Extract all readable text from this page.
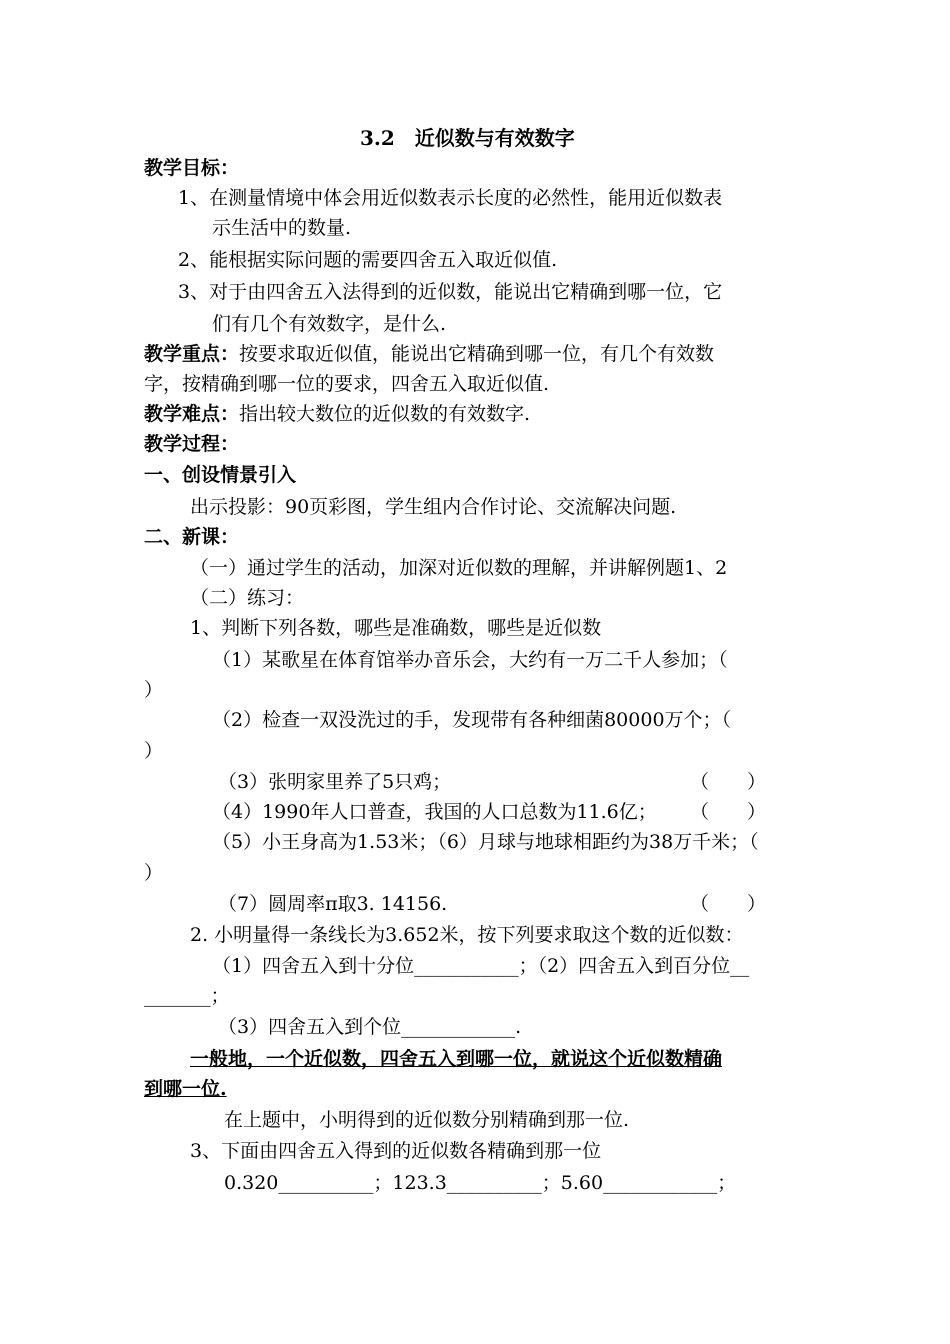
3.2　近似数与有效数字
教学目标：
1、在测量情境中体会用近似数表示长度的必然性，能用近似数表
示生活中的数量.
2、能根据实际问题的需要四舍五入取近似值.
3、对于由四舍五入法得到的近似数，能说出它精确到哪一位，它
们有几个有效数字，是什么.
教学重点：按要求取近似值，能说出它精确到哪一位，有几个有效数
字，按精确到哪一位的要求，四舍五入取近似值.
教学难点：指出较大数位的近似数的有效数字.
教学过程：
一、创设情景引入
出示投影：90页彩图，学生组内合作讨论、交流解决问题.
二、新课：
（一）通过学生的活动，加深对近似数的理解，并讲解例题1、2
（二）练习：
1、判断下列各数，哪些是准确数，哪些是近似数
（1）某歌星在体育馆举办音乐会，大约有一万二千人参加；（
）
（2）检查一双没洗过的手，发现带有各种细菌80000万个；（
）
（3）张明家里养了5只鸡；	（　　）
（4）1990年人口普查，我国的人口总数为11.6亿； （　　）
（5）小王身高为1.53米；（6）月球与地球相距约为38万千米；（
）
（7）圆周率π取3. 14156.	（　　）
2. 小明量得一条线长为3.652米，按下列要求取这个数的近似数：
（1）四舍五入到十分位___________；（2）四舍五入到百分位__
_______；
（3）四舍五入到个位____________.
一般地，一个近似数，四舍五入到哪一位，就说这个近似数精确
到哪一位.
在上题中，小明得到的近似数分别精确到那一位.
3、下面由四舍五入得到的近似数各精确到那一位
0.320__________；123.3__________；5.60____________；
